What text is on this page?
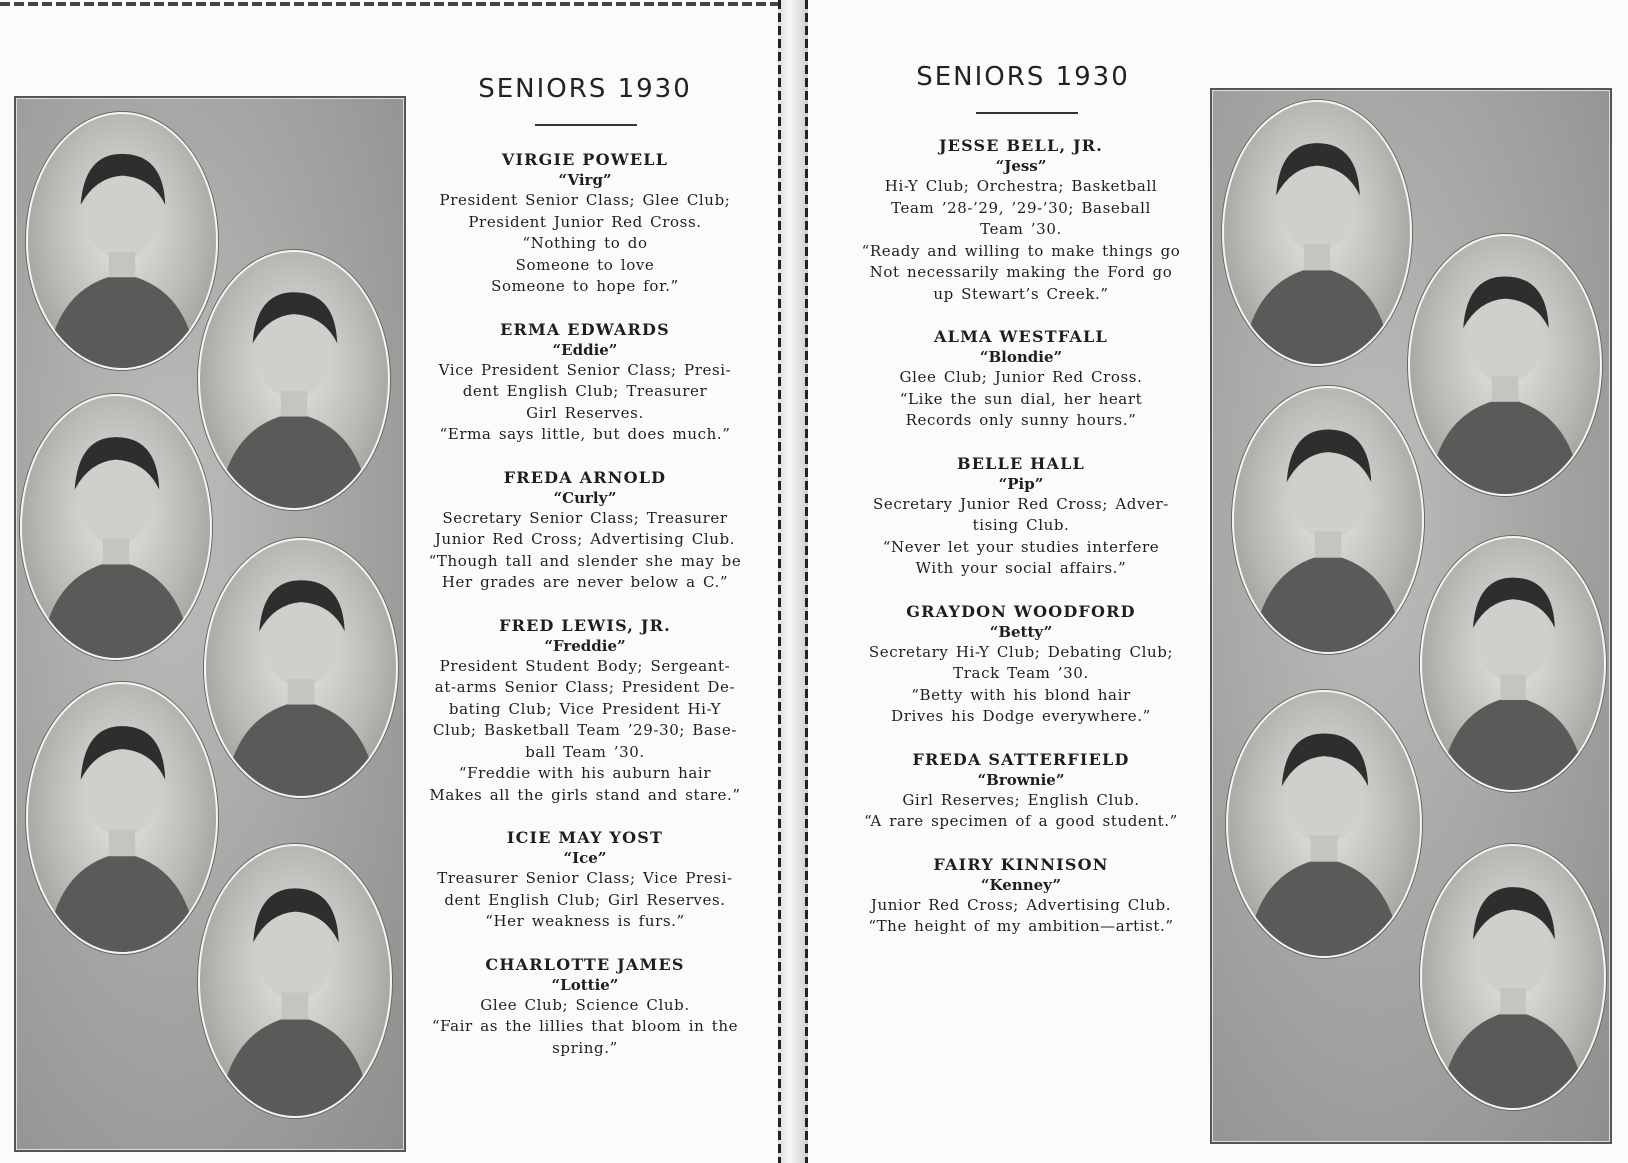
SENIORS 1930
VIRGIE POWELL
“Virg”
President Senior Class; Glee Club;
President Junior Red Cross.
“Nothing to do
Someone to love
Someone to hope for.”
ERMA EDWARDS
“Eddie”
Vice President Senior Class; Presi-
dent English Club; Treasurer
Girl Reserves.
“Erma says little, but does much.”
FREDA ARNOLD
“Curly”
Secretary Senior Class; Treasurer
Junior Red Cross; Advertising Club.
“Though tall and slender she may be
Her grades are never below a C.”
FRED LEWIS, JR.
“Freddie”
President Student Body; Sergeant-
at-arms Senior Class; President De-
bating Club; Vice President Hi-Y
Club; Basketball Team ’29-30; Base-
ball Team ’30.
“Freddie with his auburn hair
Makes all the girls stand and stare.”
ICIE MAY YOST
“Ice”
Treasurer Senior Class; Vice Presi-
dent English Club; Girl Reserves.
“Her weakness is furs.”
CHARLOTTE JAMES
“Lottie”
Glee Club; Science Club.
“Fair as the lillies that bloom in the
spring.”
SENIORS 1930
JESSE BELL, JR.
“Jess”
Hi-Y Club; Orchestra; Basketball
Team ’28-’29, ’29-’30; Baseball
Team ’30.
“Ready and willing to make things go
Not necessarily making the Ford go
up Stewart’s Creek.”
ALMA WESTFALL
“Blondie”
Glee Club; Junior Red Cross.
“Like the sun dial, her heart
Records only sunny hours.”
BELLE HALL
“Pip”
Secretary Junior Red Cross; Adver-
tising Club.
“Never let your studies interfere
With your social affairs.”
GRAYDON WOODFORD
“Betty”
Secretary Hi-Y Club; Debating Club;
Track Team ’30.
“Betty with his blond hair
Drives his Dodge everywhere.”
FREDA SATTERFIELD
“Brownie”
Girl Reserves; English Club.
“A rare specimen of a good student.”
FAIRY KINNISON
“Kenney”
Junior Red Cross; Advertising Club.
“The height of my ambition—artist.”
